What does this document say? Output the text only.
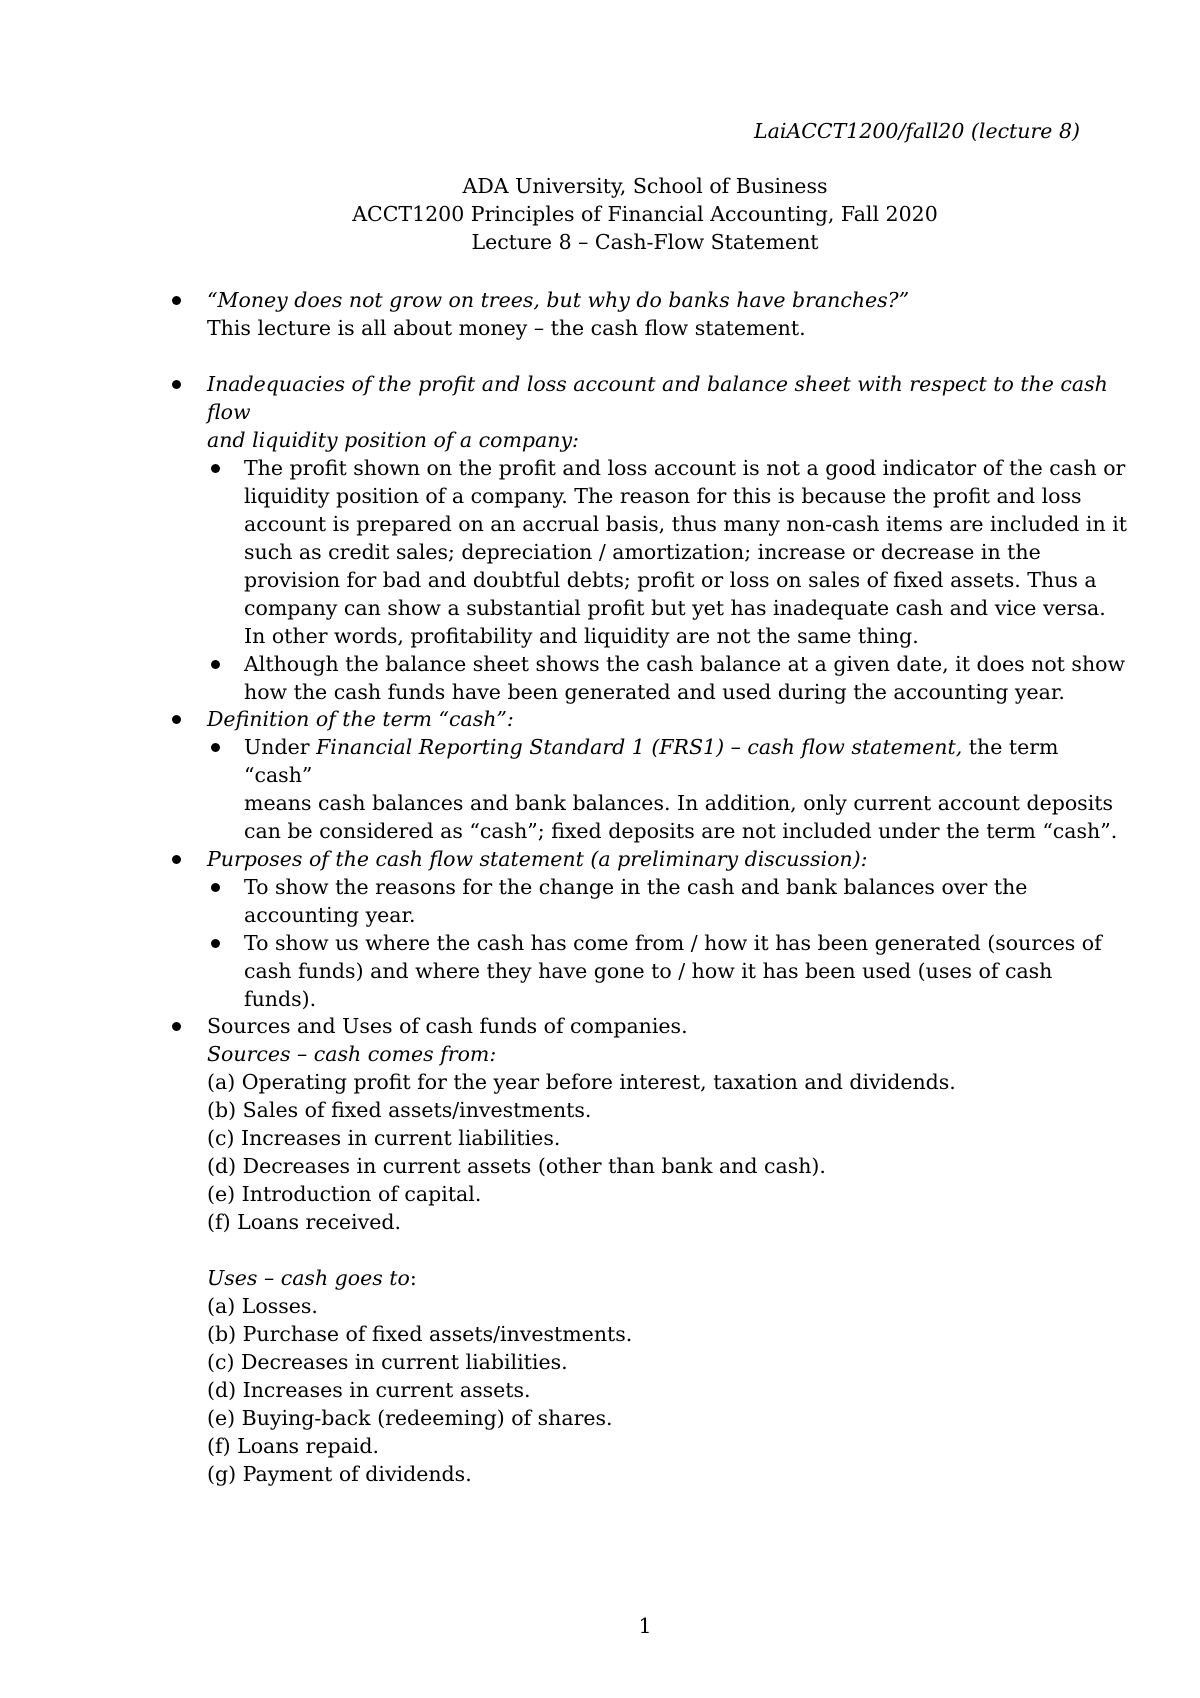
LaiACCT1200/fall20 (lecture 8)
ADA University, School of Business
ACCT1200 Principles of Financial Accounting, Fall 2020
Lecture 8 – Cash-Flow Statement
“Money does not grow on trees, but why do banks have branches?”
This lecture is all about money – the cash flow statement.
Inadequacies of the profit and loss account and balance sheet with respect to the cash flow
and liquidity position of a company:
The profit shown on the profit and loss account is not a good indicator of the cash or
liquidity position of a company. The reason for this is because the profit and loss
account is prepared on an accrual basis, thus many non-cash items are included in it
such as credit sales; depreciation / amortization; increase or decrease in the
provision for bad and doubtful debts; profit or loss on sales of fixed assets. Thus a
company can show a substantial profit but yet has inadequate cash and vice versa.
In other words, profitability and liquidity are not the same thing.
Although the balance sheet shows the cash balance at a given date, it does not show
how the cash funds have been generated and used during the accounting year.
Definition of the term “cash”:
Under Financial Reporting Standard 1 (FRS1) – cash flow statement, the term “cash”
means cash balances and bank balances. In addition, only current account deposits
can be considered as “cash”; fixed deposits are not included under the term “cash”.
Purposes of the cash flow statement (a preliminary discussion):
To show the reasons for the change in the cash and bank balances over the
accounting year.
To show us where the cash has come from / how it has been generated (sources of
cash funds) and where they have gone to / how it has been used (uses of cash funds).
Sources and Uses of cash funds of companies.
Sources – cash comes from:
(a) Operating profit for the year before interest, taxation and dividends.
(b) Sales of fixed assets/investments.
(c) Increases in current liabilities.
(d) Decreases in current assets (other than bank and cash).
(e) Introduction of capital.
(f) Loans received.
Uses – cash goes to:
(a) Losses.
(b) Purchase of fixed assets/investments.
(c) Decreases in current liabilities.
(d) Increases in current assets.
(e) Buying-back (redeeming) of shares.
(f) Loans repaid.
(g) Payment of dividends.
1
